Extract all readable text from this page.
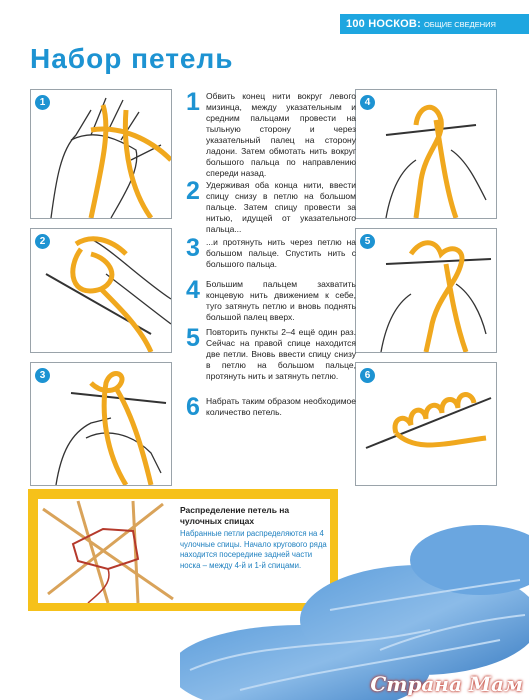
100 НОСКОВ: ОБЩИЕ СВЕДЕНИЯ
Набор петель
1
2
3
4
5
6
1 Обвить конец нити вокруг левого мизинца, между указательным и средним пальцами провести на тыльную сторону и через указательный палец на сторону ладони. Затем обмотать нить вокруг большого пальца по направлению спереди назад.
2 Удерживая оба конца нити, ввести спицу снизу в петлю на большом пальце. Затем спицу провести за нитью, идущей от указательного пальца...
3 ...и протянуть нить через петлю на большом пальце. Спустить нить с большого пальца.
4 Большим пальцем захватить концевую нить движением к себе, туго затянуть петлю и вновь поднять большой палец вверх.
5 Повторить пункты 2–4 ещё один раз. Сейчас на правой спице находится две петли. Вновь ввести спицу снизу в петлю на большом пальце, протянуть нить и затянуть петлю.
6 Набрать таким образом необходимое количество петель.
Распределение петель на чулочных спицах
Набранные петли распределяются на 4 чулочные спицы. Начало кругового ряда находится посередине задней части носка – между 4-й и 1-й спицами.
Страна Мам
